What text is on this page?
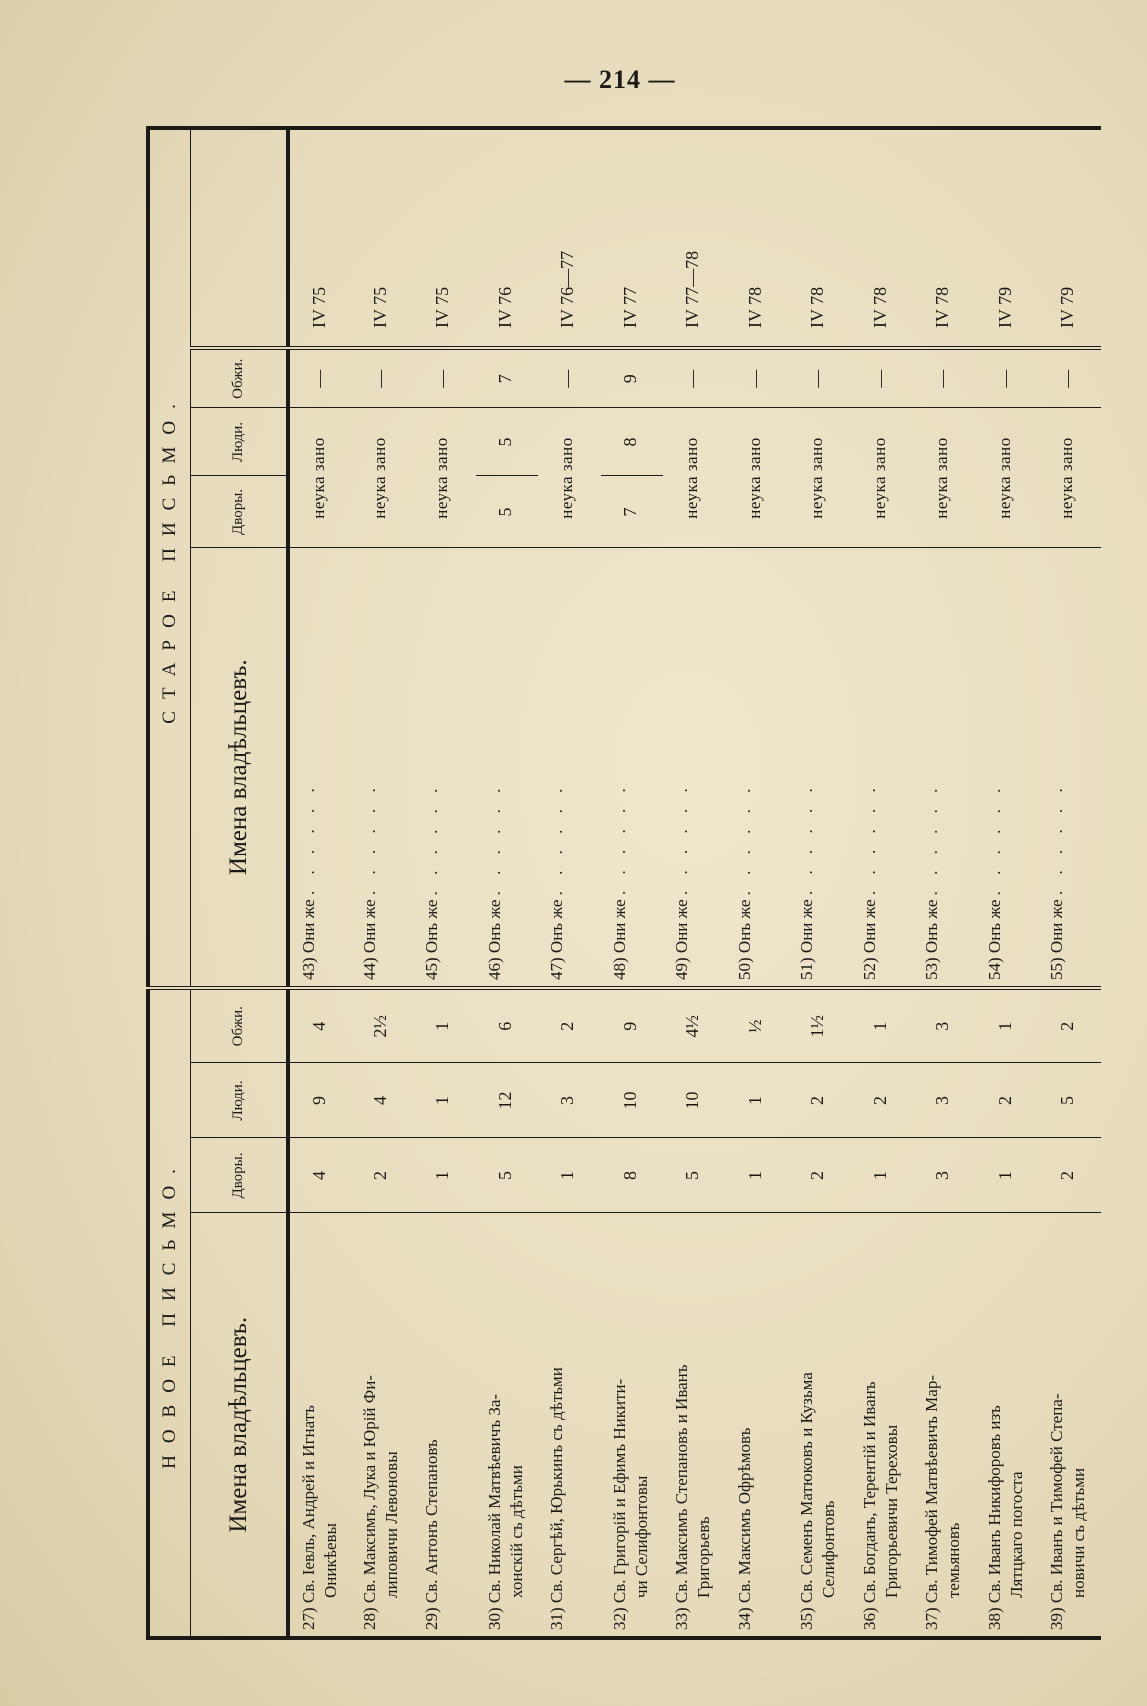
— 214 —
НОВОЕ ПИСЬМО.				СТАРОЕ ПИСЬМО.				
Имена владѣльцевъ.	Дворы.	Люди.	Обжи.	Имена владѣльцевъ.	Дворы.	Люди.	Обжи.	

27) Св. Іевль, Андрей и Игнатъ Оникѣевы	4	9	4	43) Они же . . . . . .	неука зано		—	IV 75

28) Св. Максимъ, Лука и Юрій Фи- липовичи Левоновы	2	4	2½	44) Они же . . . . . .	неука зано		—	IV 75

29) Св. Антонъ Степановъ	1	1	1	45) Онъ же . . . . . .	неука зано		—	IV 75

30) Св. Николай Матвѣевичъ За- хонскій съ дѣтьми	5	12	6	46) Онъ же . . . . . .	5	5	7	IV 76

31) Св. Сергѣй, Юрькинъ съ дѣтьми	1	3	2	47) Онъ же . . . . . .	неука зано		—	IV 76—77

32) Св. Григорій и Ефимъ Никити- чи Селифонтовы	8	10	9	48) Они же . . . . . .	7	8	9	IV 77

33) Св. Максимъ Степановъ и Иванъ Григорьевъ	5	10	4½	49) Они же . . . . . .	неука зано		—	IV 77—78

34) Св. Максимъ Офрѣмовъ	1	1	½	50) Онъ же . . . . . .	неука зано		—	IV 78

35) Св. Семенъ Матюковъ и Кузьма Селифонтовъ	2	2	1½	51) Они же . . . . . .	неука зано		—	IV 78

36) Св. Богданъ, Терентій и Иванъ Григорьевичи Тереховы	1	2	1	52) Они же . . . . . .	неука зано		—	IV 78

37) Св. Тимофей Матвѣевичъ Мар- темьяновъ	3	3	3	53) Онъ же . . . . . .	неука зано		—	IV 78

38) Св. Иванъ Никифоровъ изъ Лятцкаго погоста	1	2	1	54) Онъ же . . . . . .	неука зано		—	IV 79

39) Св. Иванъ и Тимофей Степа- новичи съ дѣтьми	2	5	2	55) Они же . . . . . .	неука зано		—	IV 79
